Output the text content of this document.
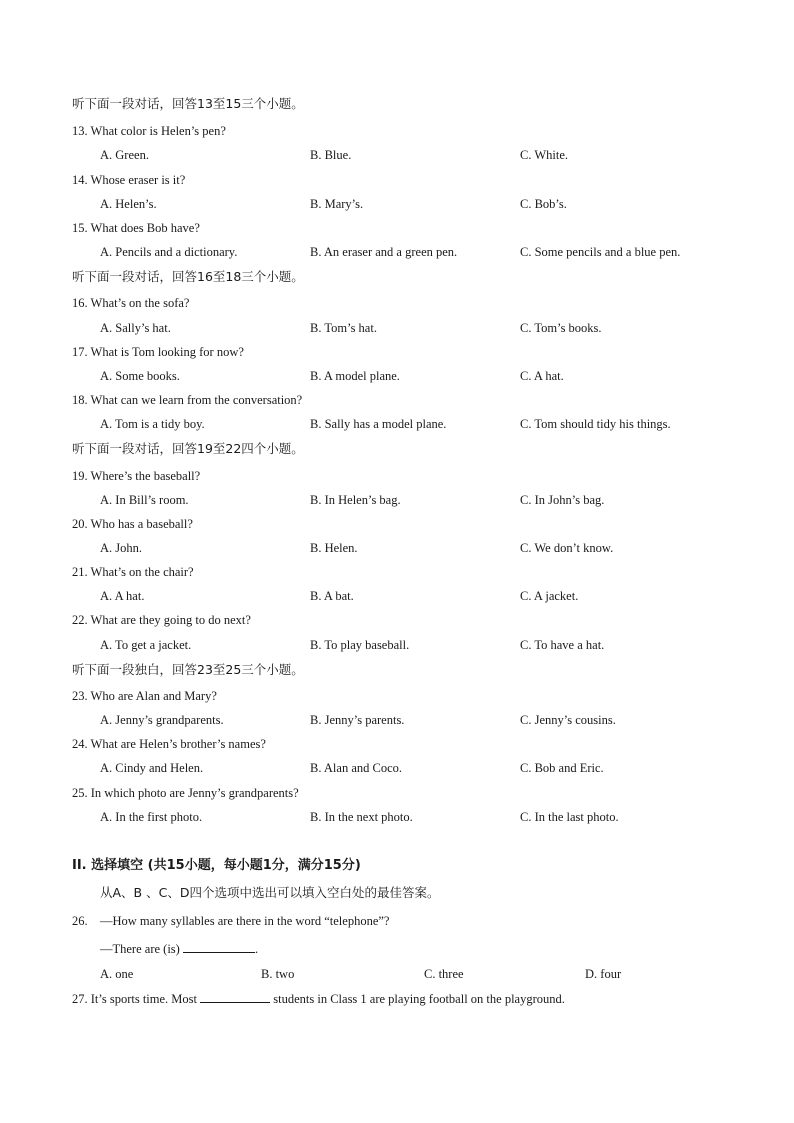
听下面一段对话，回答13至15三个小题。
13. What color is Helen’s pen?
A. Green.	B. Blue.	C. White.
14. Whose eraser is it?
A. Helen’s.	B. Mary’s.	C. Bob’s.
15. What does Bob have?
A. Pencils and a dictionary.	B. An eraser and a green pen.	C. Some pencils and a blue pen.
听下面一段对话，回答16至18三个小题。
16. What’s on the sofa?
A. Sally’s hat.	B. Tom’s hat.	C. Tom’s books.
17. What is Tom looking for now?
A. Some books.	B. A model plane.	C. A hat.
18. What can we learn from the conversation?
A. Tom is a tidy boy.	B. Sally has a model plane.	C. Tom should tidy his things.
听下面一段对话，回答19至22四个小题。
19. Where’s the baseball?
A. In Bill’s room.	B. In Helen’s bag.	C. In John’s bag.
20. Who has a baseball?
A. John.	B. Helen.	C. We don’t know.
21. What’s on the chair?
A. A hat.	B. A bat.	C. A jacket.
22. What are they going to do next?
A. To get a jacket.	B. To play baseball.	C. To have a hat.
听下面一段独白，回答23至25三个小题。
23. Who are Alan and Mary?
A. Jenny’s grandparents.	B. Jenny’s parents.	C. Jenny’s cousins.
24. What are Helen’s brother’s names?
A. Cindy and Helen.	B. Alan and Coco.	C. Bob and Eric.
25. In which photo are Jenny’s grandparents?
A. In the first photo.	B. In the next photo.	C. In the last photo.
II. 选择填空 (共15小题，每小题1分，满分15分)
从A、B 、C、D四个选项中选出可以填入空白处的最佳答案。
26. —How many syllables are there in the word “telephone”?
—There are (is)	.
A. one	B. two	C. three	D. four
27. It’s sports time. Most	students in Class 1 are playing football on the playground.
